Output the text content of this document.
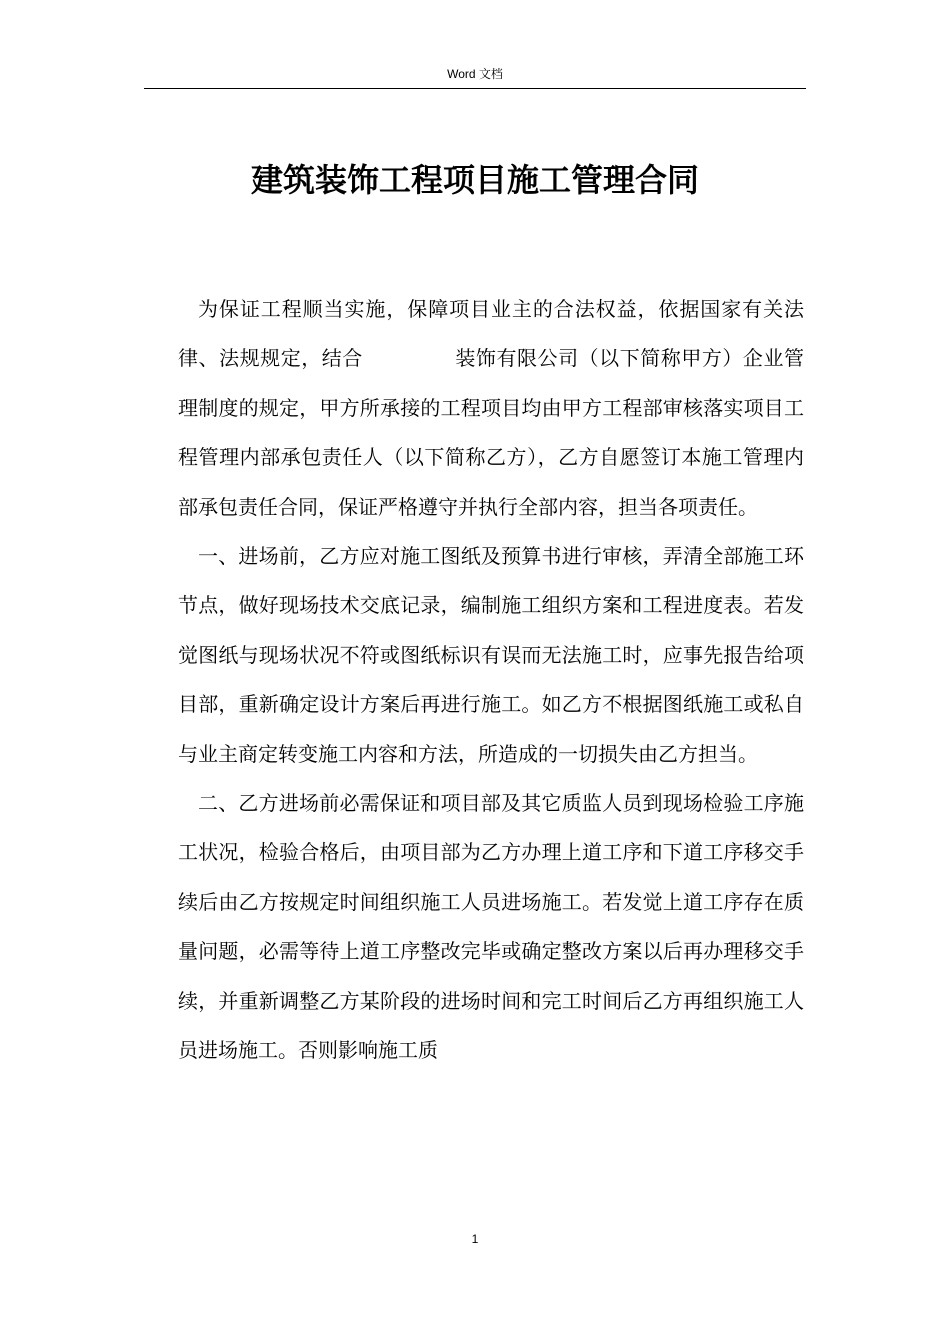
Word 文档
建筑装饰工程项目施工管理合同

为保证工程顺当实施，保障项目业主的合法权益，依据国家有关法律、法规规定，结合	装饰有限公司（以下简称甲方）企业管理制度的规定，甲方所承接的工程项目均由甲方工程部审核落实项目工程管理内部承包责任人（以下简称乙方），乙方自愿签订本施工管理内部承包责任合同，保证严格遵守并执行全部内容，担当各项责任。

一、进场前，乙方应对施工图纸及预算书进行审核，弄清全部施工环节点，做好现场技术交底记录，编制施工组织方案和工程进度表。若发觉图纸与现场状况不符或图纸标识有误而无法施工时，应事先报告给项目部，重新确定设计方案后再进行施工。如乙方不根据图纸施工或私自与业主商定转变施工内容和方法，所造成的一切损失由乙方担当。

二、乙方进场前必需保证和项目部及其它质监人员到现场检验工序施工状况，检验合格后，由项目部为乙方办理上道工序和下道工序移交手续后由乙方按规定时间组织施工人员进场施工。若发觉上道工序存在质量问题，必需等待上道工序整改完毕或确定整改方案以后再办理移交手续，并重新调整乙方某阶段的进场时间和完工时间后乙方再组织施工人员进场施工。否则影响施工质

1
